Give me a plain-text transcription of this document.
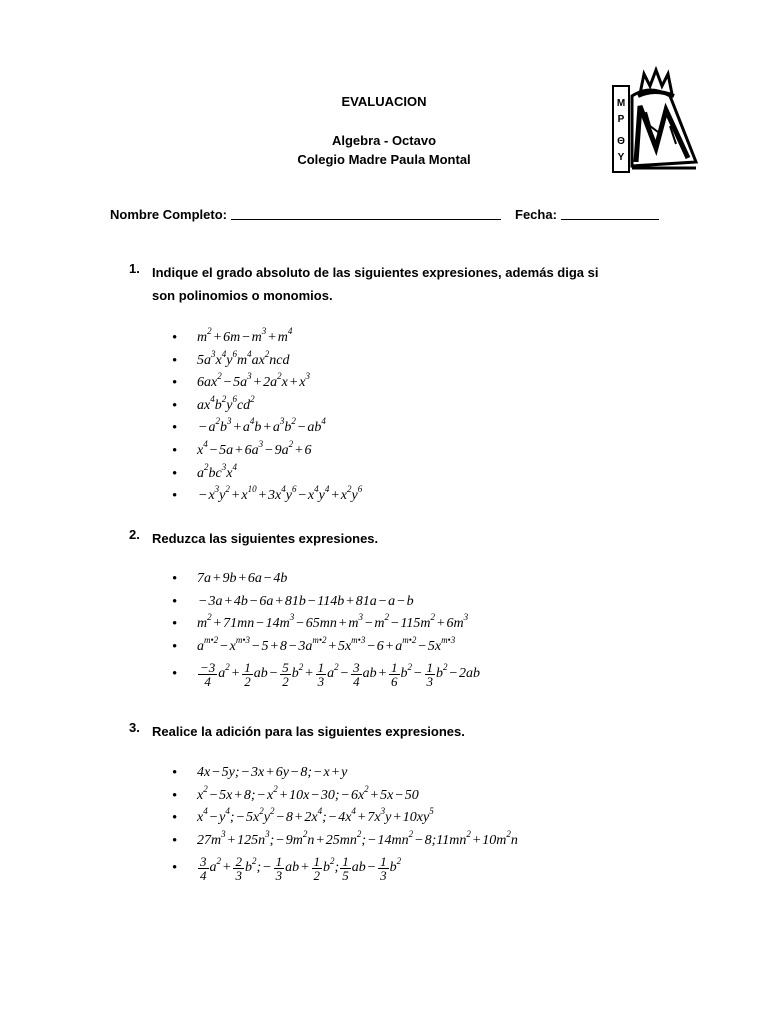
EVALUACION
Algebra - Octavo
Colegio Madre Paula Montal
M
P
Θ
Y
Nombre Completo:	Fecha:
1. Indique el grado absoluto de las siguientes expresiones, además diga si son polinomios o monomios.
• $m^2+6m-m^3+m^4$
• $5a^3x^4y^6m^4ax^2ncd$
• $6ax^2-5a^3+2a^2x+x^3$
• $ax^4b^2y^6cd^2$
• $-a^2b^3+a^4b+a^3b^2-ab^4$
• $x^4-5a+6a^3-9a^2+6$
• $a^2bc^3x^4$
• $-x^3y^2+x^{10}+3x^4y^6-x^4y^4+x^2y^6$
2. Reduzca las siguientes expresiones.
• 7a+9b+6a−4b
• −3a+4b−6a+81b−114b+81a−a−b
• $m^2+71mn-14m^3-65mn+m^3-m^2-115m^2+6m^3$
• $a^{m•2}-x^{m•3}-5+8-3a^{m•2}+5x^{m•3}-6+a^{m•2}-5x^{m•3}$
• $\frac{-3}{4} a^2+ \frac{1}{2} ab- \frac{5}{2} b^2+ \frac{1}{3} a^2- \frac{3}{4} ab+ \frac{1}{6} b^2- \frac{1}{3} b^2-2ab$
3. Realice la adición para las siguientes expresiones.
• 4x−5y;−3x+6y−8;−x+y
• $x^2-5x+8;-x^2+10x-30;-6x^2+5x-50$
• $x^4-y^4;-5x^2y^2-8+2x^4;-4x^4+7x^3y+10xy^5$
• $27m^3+125n^3;-9m^2n+25mn^2;-14mn^2-8;11mn^2+10m^2n$
• $\frac{3}{4} a^2+ \frac{2}{3}$ $b^2;- \frac{1}{3} ab+ \frac{1}{2} b^2$; $\frac{1}{5} ab- \frac{1}{3} b^2$
